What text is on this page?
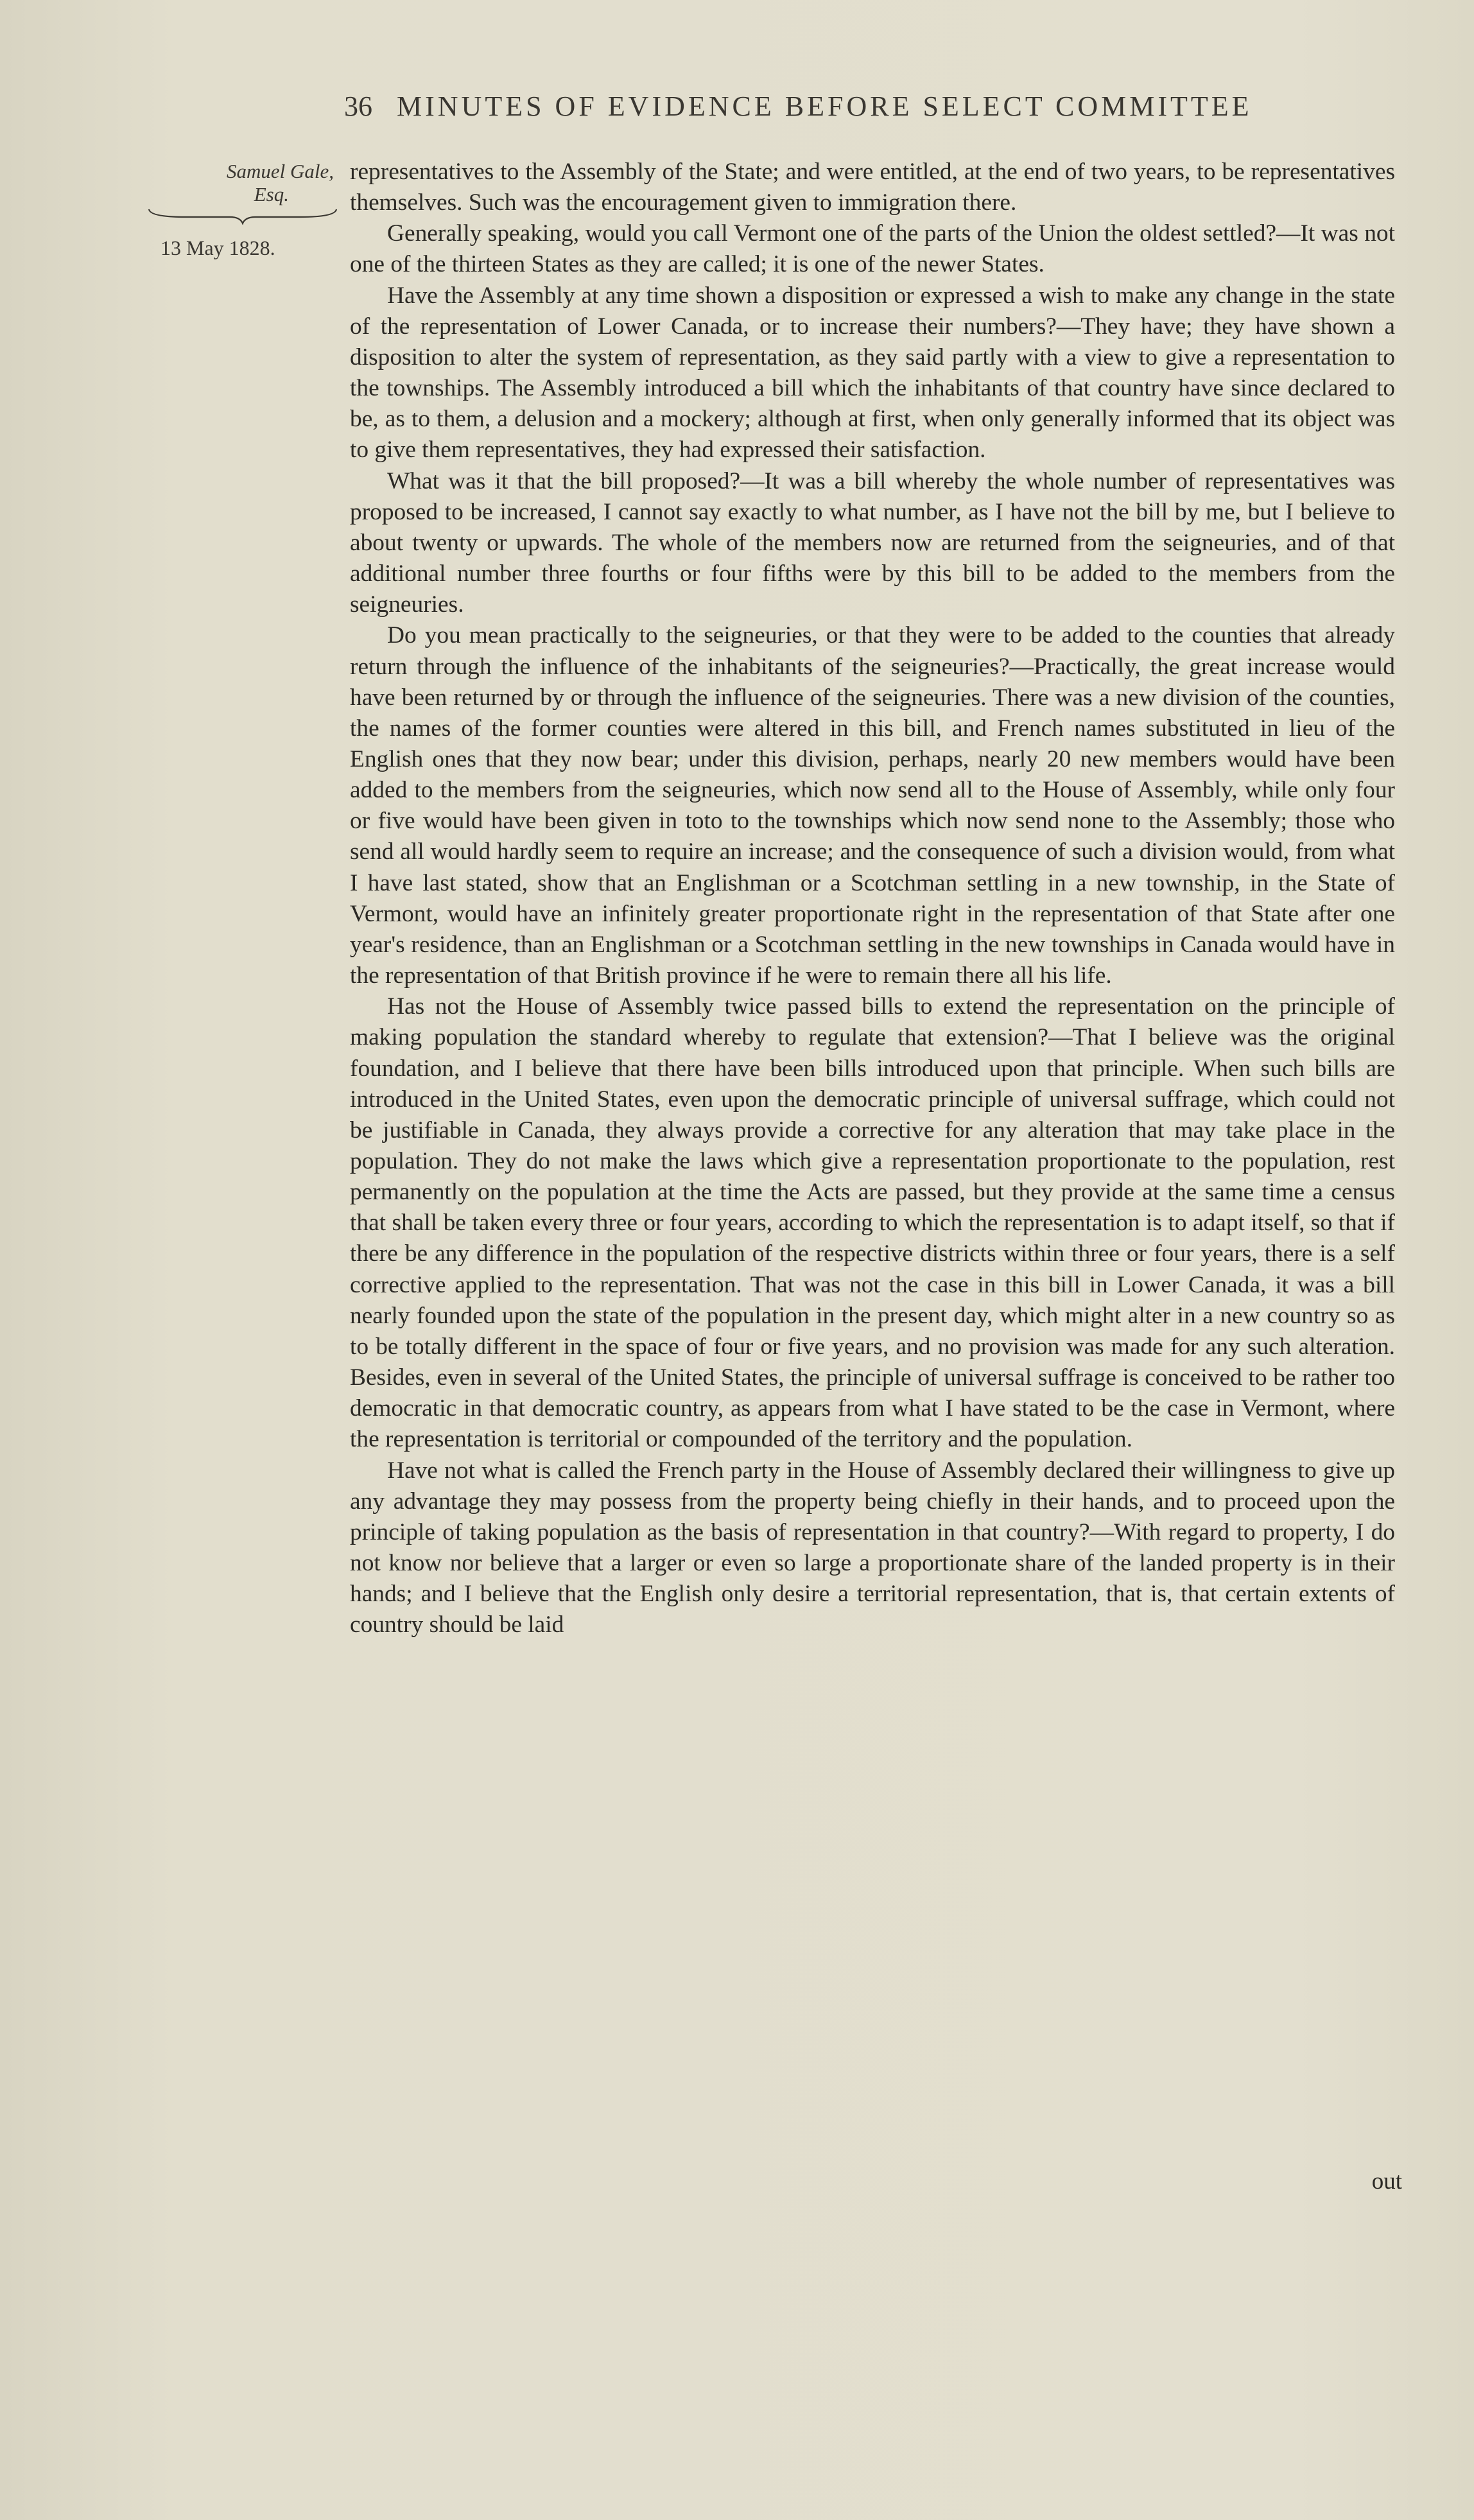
36 MINUTES OF EVIDENCE BEFORE SELECT COMMITTEE
Samuel Gale,
Esq.
13 May 1828.

representatives to the Assembly of the State; and were entitled, at the end of two years, to be representatives themselves. Such was the encouragement given to immigration there.

Generally speaking, would you call Vermont one of the parts of the Union the oldest settled?—It was not one of the thirteen States as they are called; it is one of the newer States.

Have the Assembly at any time shown a disposition or expressed a wish to make any change in the state of the representation of Lower Canada, or to increase their numbers?—They have; they have shown a disposition to alter the system of representation, as they said partly with a view to give a representation to the townships. The Assembly introduced a bill which the inhabitants of that country have since declared to be, as to them, a delusion and a mockery; although at first, when only generally informed that its object was to give them representatives, they had expressed their satisfaction.

What was it that the bill proposed?—It was a bill whereby the whole number of representatives was proposed to be increased, I cannot say exactly to what number, as I have not the bill by me, but I believe to about twenty or upwards. The whole of the members now are returned from the seigneuries, and of that additional number three fourths or four fifths were by this bill to be added to the members from the seigneuries.

Do you mean practically to the seigneuries, or that they were to be added to the counties that already return through the influence of the inhabitants of the seigneuries?—Practically, the great increase would have been returned by or through the influence of the seigneuries. There was a new division of the counties, the names of the former counties were altered in this bill, and French names substituted in lieu of the English ones that they now bear; under this division, perhaps, nearly 20 new members would have been added to the members from the seigneuries, which now send all to the House of Assembly, while only four or five would have been given in toto to the townships which now send none to the Assembly; those who send all would hardly seem to require an increase; and the consequence of such a division would, from what I have last stated, show that an Englishman or a Scotchman settling in a new township, in the State of Vermont, would have an infinitely greater proportionate right in the representation of that State after one year's residence, than an Englishman or a Scotchman settling in the new townships in Canada would have in the representation of that British province if he were to remain there all his life.

Has not the House of Assembly twice passed bills to extend the representation on the principle of making population the standard whereby to regulate that extension?—That I believe was the original foundation, and I believe that there have been bills introduced upon that principle. When such bills are introduced in the United States, even upon the democratic principle of universal suffrage, which could not be justifiable in Canada, they always provide a corrective for any alteration that may take place in the population. They do not make the laws which give a representation proportionate to the population, rest permanently on the population at the time the Acts are passed, but they provide at the same time a census that shall be taken every three or four years, according to which the representation is to adapt itself, so that if there be any difference in the population of the respective districts within three or four years, there is a self corrective applied to the representation. That was not the case in this bill in Lower Canada, it was a bill nearly founded upon the state of the population in the present day, which might alter in a new country so as to be totally different in the space of four or five years, and no provision was made for any such alteration. Besides, even in several of the United States, the principle of universal suffrage is conceived to be rather too democratic in that democratic country, as appears from what I have stated to be the case in Vermont, where the representation is territorial or compounded of the territory and the population.

Have not what is called the French party in the House of Assembly declared their willingness to give up any advantage they may possess from the property being chiefly in their hands, and to proceed upon the principle of taking population as the basis of representation in that country?—With regard to property, I do not know nor believe that a larger or even so large a proportionate share of the landed property is in their hands; and I believe that the English only desire a territorial representation, that is, that certain extents of country should be laid

out
